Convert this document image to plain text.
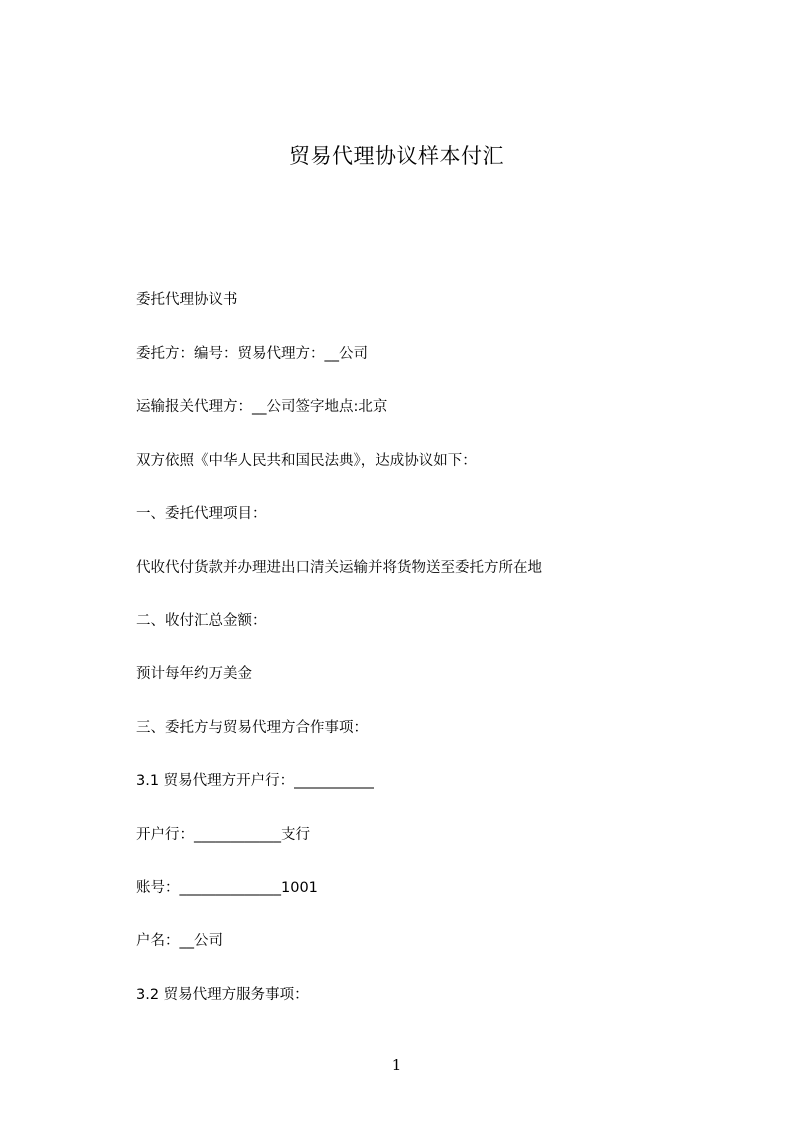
贸易代理协议样本付汇
委托代理协议书
委托方：编号：贸易代理方：__公司
运输报关代理方：__公司签字地点:北京
双方依照《中华人民共和国民法典》，达成协议如下：
一、委托代理项目：
代收代付货款并办理进出口清关运输并将货物送至委托方所在地
二、收付汇总金额：
预计每年约万美金
三、委托方与贸易代理方合作事项：
3.1 贸易代理方开户行：___________
开户行：____________支行
账号：______________1001
户名：__公司
3.2 贸易代理方服务事项：
1
